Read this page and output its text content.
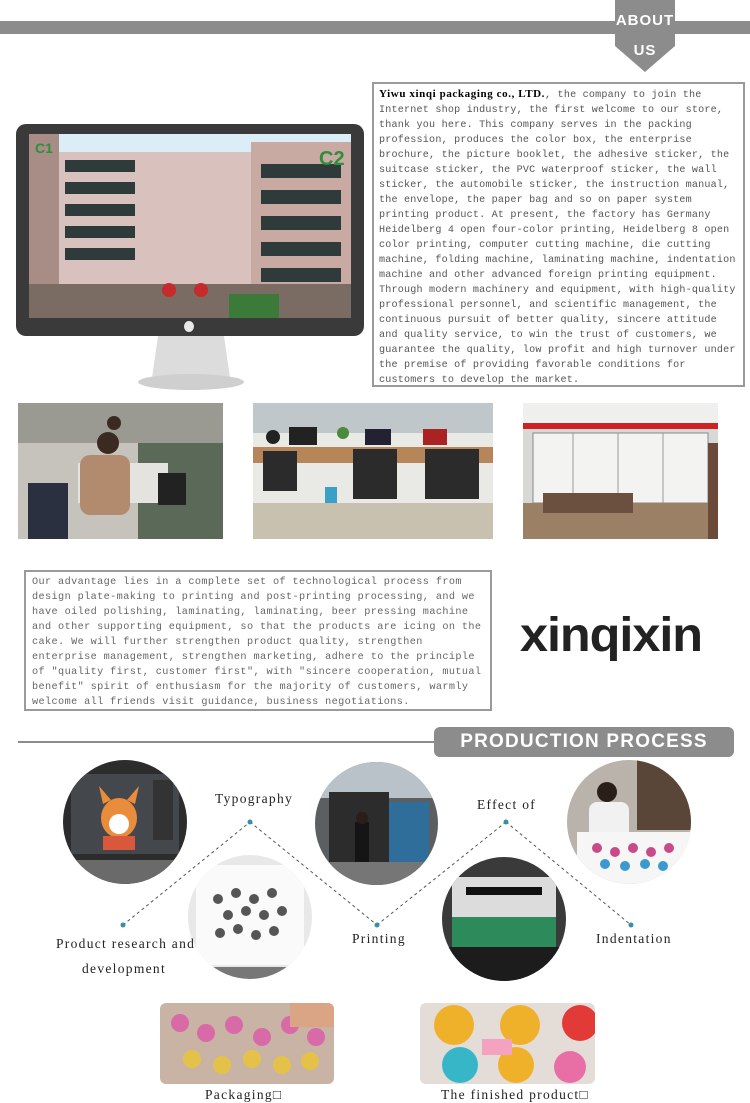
ABOUT
US
C1	C2
Yiwu xinqi packaging co., LTD., the company to join the Internet shop industry, the first welcome to our store, thank you here. This company serves in the packing profession, produces the color box, the enterprise brochure, the picture booklet, the adhesive sticker, the suitcase sticker, the PVC waterproof sticker, the wall sticker, the automobile sticker, the instruction manual, the envelope, the paper bag and so on paper system printing product. At present, the factory has Germany Heidelberg 4 open four-color printing, Heidelberg 8 open color printing, computer cutting machine, die cutting machine, folding machine, laminating machine, indentation machine and other advanced foreign printing equipment. Through modern machinery and equipment, with high-quality professional personnel, and scientific management, the continuous pursuit of better quality, sincere attitude and quality service, to win the trust of customers, we guarantee the quality, low profit and high turnover under the premise of providing favorable conditions for customers to develop the market.
Our advantage lies in a complete set of technological process from design plate-making to printing and post-printing processing, and we have oiled polishing, laminating, laminating, beer pressing machine and other supporting equipment, so that the products are icing on the cake. We will further strengthen product quality, strengthen enterprise management, strengthen marketing, adhere to the principle of "quality first, customer first", with "sincere cooperation, mutual benefit" spirit of enthusiasm for the majority of customers, warmly welcome all friends visit guidance, business negotiations.
xinqixin
PRODUCTION PROCESS
Typography	Effect of
Product research and
development
Printing	Indentation
Packaging□	The finished product□
